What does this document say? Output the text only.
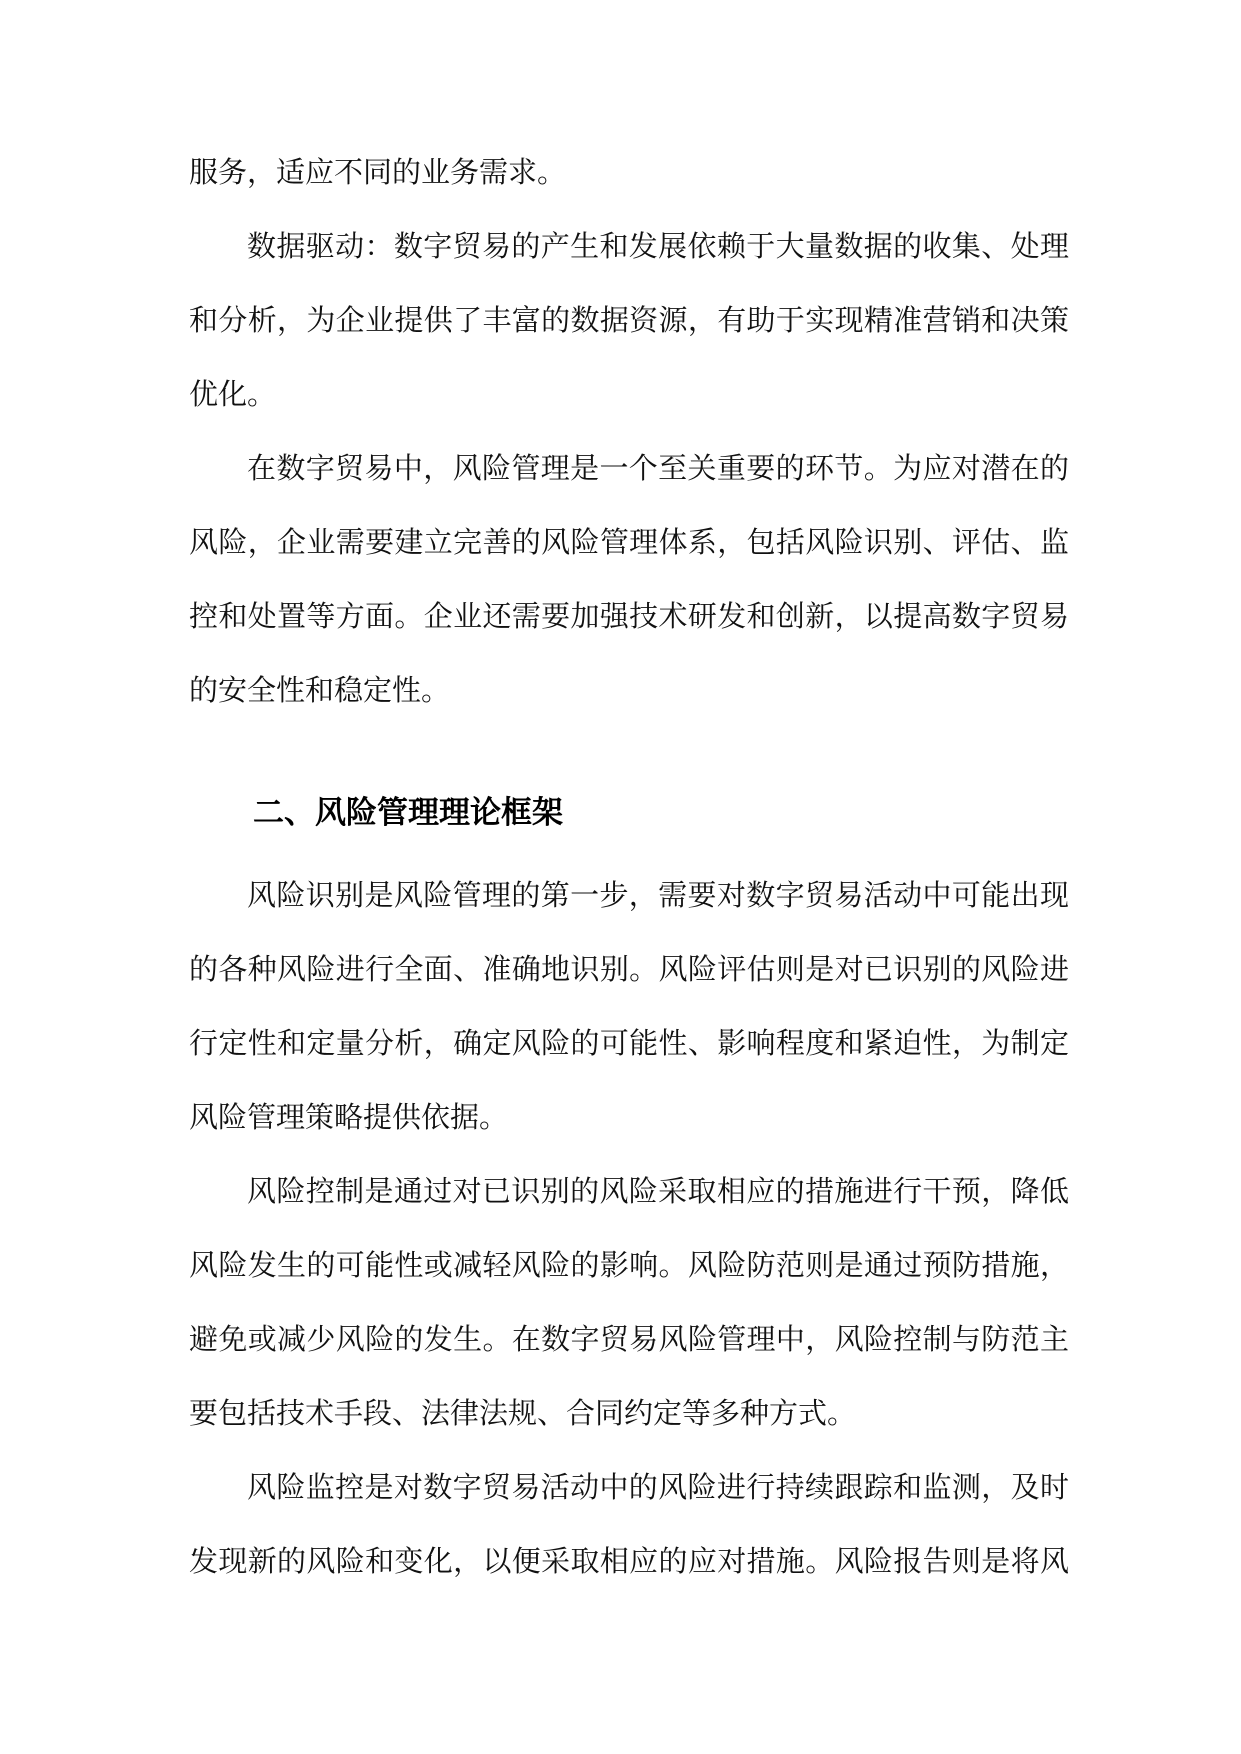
服务，适应不同的业务需求。
数据驱动：数字贸易的产生和发展依赖于大量数据的收集、处理
和分析，为企业提供了丰富的数据资源，有助于实现精准营销和决策
优化。
在数字贸易中，风险管理是一个至关重要的环节。为应对潜在的
风险，企业需要建立完善的风险管理体系，包括风险识别、评估、监
控和处置等方面。企业还需要加强技术研发和创新，以提高数字贸易
的安全性和稳定性。
二、风险管理理论框架
风险识别是风险管理的第一步，需要对数字贸易活动中可能出现
的各种风险进行全面、准确地识别。风险评估则是对已识别的风险进
行定性和定量分析，确定风险的可能性、影响程度和紧迫性，为制定
风险管理策略提供依据。
风险控制是通过对已识别的风险采取相应的措施进行干预，降低
风险发生的可能性或减轻风险的影响。风险防范则是通过预防措施，
避免或减少风险的发生。在数字贸易风险管理中，风险控制与防范主
要包括技术手段、法律法规、合同约定等多种方式。
风险监控是对数字贸易活动中的风险进行持续跟踪和监测，及时
发现新的风险和变化，以便采取相应的应对措施。风险报告则是将风
